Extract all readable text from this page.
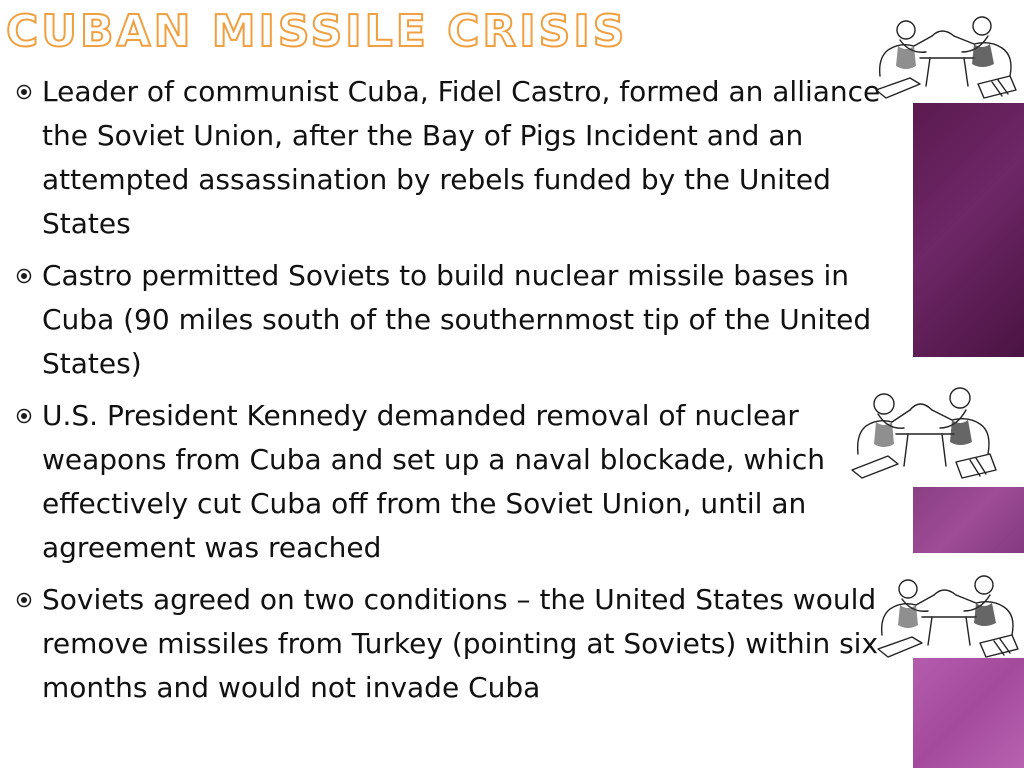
CUBAN MISSILE CRISIS
Leader of communist Cuba, Fidel Castro, formed an alliance the Soviet Union, after the Bay of Pigs Incident and an attempted assassination by rebels funded by the United States
Castro permitted Soviets to build nuclear missile bases in Cuba (90 miles south of the southernmost tip of the United States)
U.S. President Kennedy demanded removal of nuclear weapons from Cuba and set up a naval blockade, which effectively cut Cuba off from the Soviet Union, until an agreement was reached
Soviets agreed on two conditions – the United States would remove missiles from Turkey (pointing at Soviets) within six months and would not invade Cuba
